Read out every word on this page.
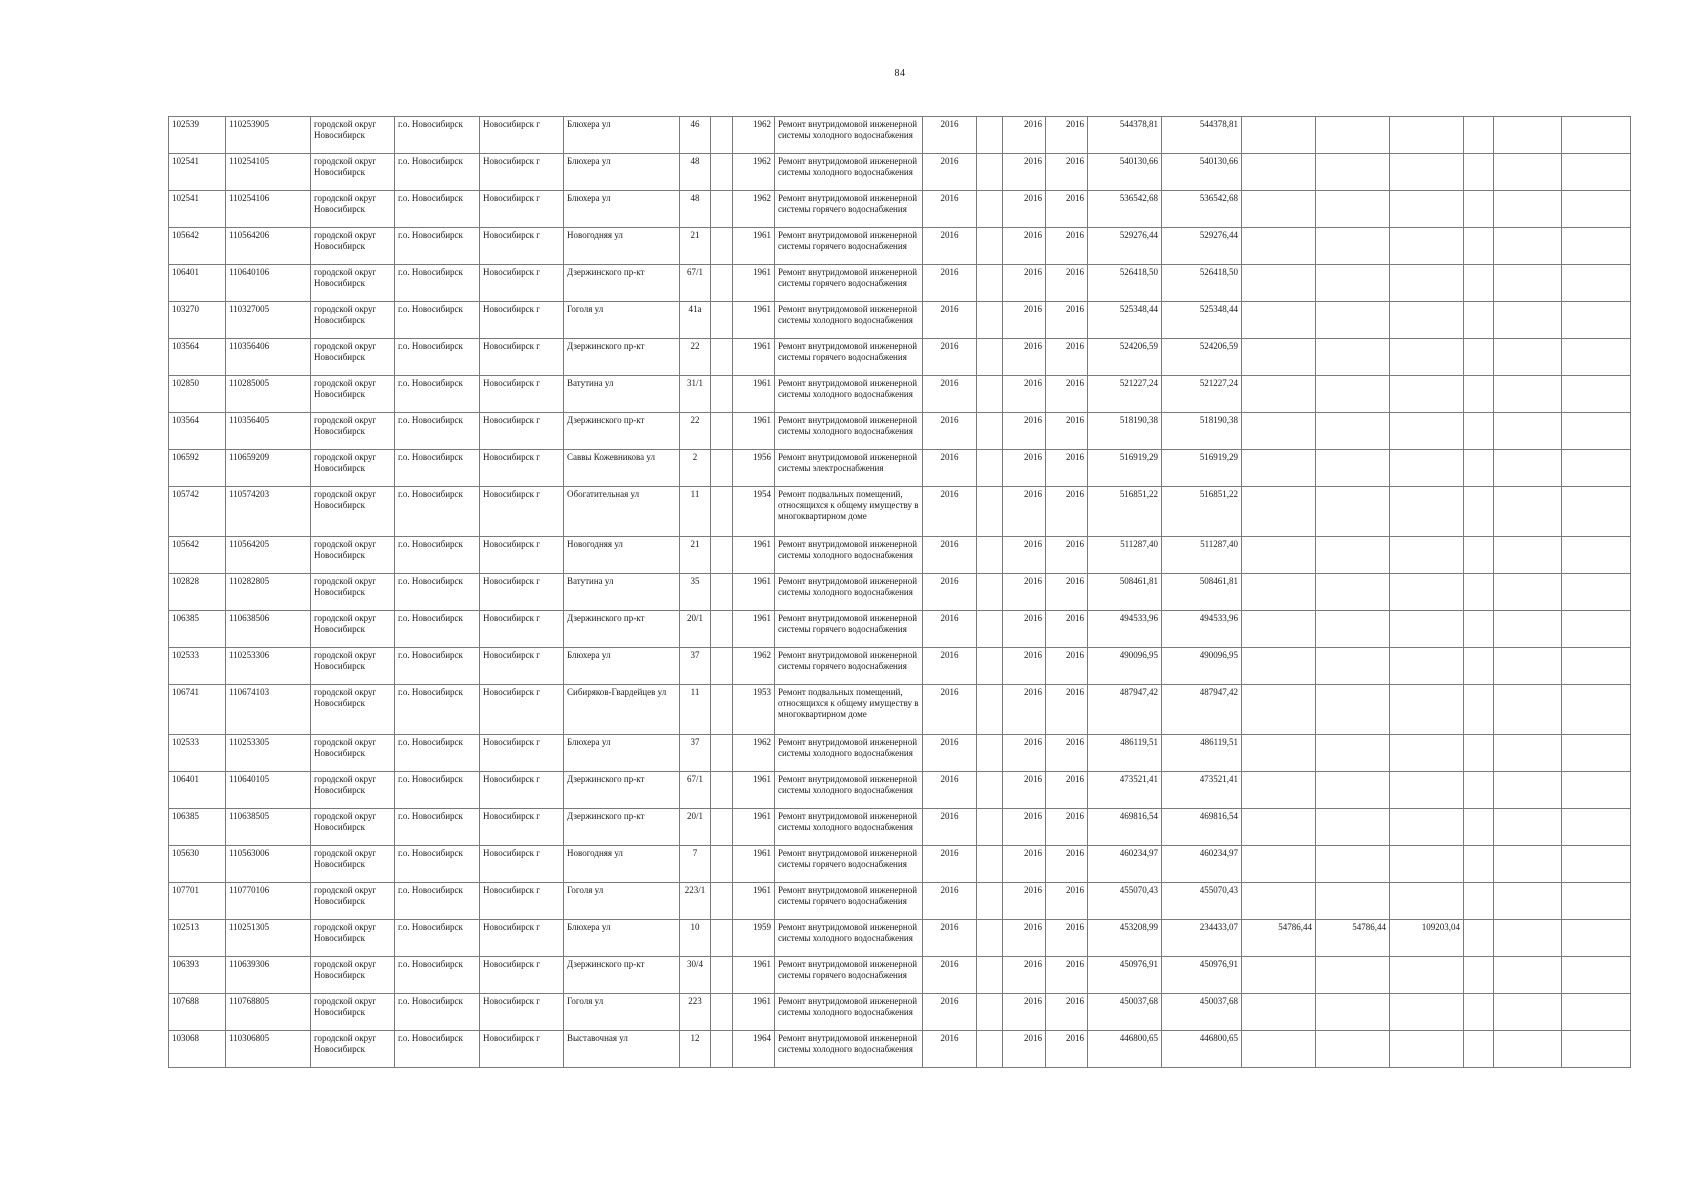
84
102539	110253905	городской округ Новосибирск	г.о. Новосибирск	Новосибирск г	Блюхера ул	46		1962	Ремонт внутридомовой инженерной системы холодного водоснабжения	2016		2016	2016	544378,81	544378,81						
102541	110254105	городской округ Новосибирск	г.о. Новосибирск	Новосибирск г	Блюхера ул	48		1962	Ремонт внутридомовой инженерной системы холодного водоснабжения	2016		2016	2016	540130,66	540130,66						
102541	110254106	городской округ Новосибирск	г.о. Новосибирск	Новосибирск г	Блюхера ул	48		1962	Ремонт внутридомовой инженерной системы горячего водоснабжения	2016		2016	2016	536542,68	536542,68						
105642	110564206	городской округ Новосибирск	г.о. Новосибирск	Новосибирск г	Новогодняя ул	21		1961	Ремонт внутридомовой инженерной системы горячего водоснабжения	2016		2016	2016	529276,44	529276,44						
106401	110640106	городской округ Новосибирск	г.о. Новосибирск	Новосибирск г	Дзержинского пр-кт	67/1		1961	Ремонт внутридомовой инженерной системы горячего водоснабжения	2016		2016	2016	526418,50	526418,50						
103270	110327005	городской округ Новосибирск	г.о. Новосибирск	Новосибирск г	Гоголя ул	41а		1961	Ремонт внутридомовой инженерной системы холодного водоснабжения	2016		2016	2016	525348,44	525348,44						
103564	110356406	городской округ Новосибирск	г.о. Новосибирск	Новосибирск г	Дзержинского пр-кт	22		1961	Ремонт внутридомовой инженерной системы горячего водоснабжения	2016		2016	2016	524206,59	524206,59						
102850	110285005	городской округ Новосибирск	г.о. Новосибирск	Новосибирск г	Ватутина ул	31/1		1961	Ремонт внутридомовой инженерной системы холодного водоснабжения	2016		2016	2016	521227,24	521227,24						
103564	110356405	городской округ Новосибирск	г.о. Новосибирск	Новосибирск г	Дзержинского пр-кт	22		1961	Ремонт внутридомовой инженерной системы холодного водоснабжения	2016		2016	2016	518190,38	518190,38						
106592	110659209	городской округ Новосибирск	г.о. Новосибирск	Новосибирск г	Саввы Кожевникова ул	2		1956	Ремонт внутридомовой инженерной системы электроснабжения	2016		2016	2016	516919,29	516919,29						
105742	110574203	городской округ Новосибирск	г.о. Новосибирск	Новосибирск г	Обогатительная ул	11		1954	Ремонт подвальных помещений, относящихся к общему имуществу в многоквартирном доме	2016		2016	2016	516851,22	516851,22						
105642	110564205	городской округ Новосибирск	г.о. Новосибирск	Новосибирск г	Новогодняя ул	21		1961	Ремонт внутридомовой инженерной системы холодного водоснабжения	2016		2016	2016	511287,40	511287,40						
102828	110282805	городской округ Новосибирск	г.о. Новосибирск	Новосибирск г	Ватутина ул	35		1961	Ремонт внутридомовой инженерной системы холодного водоснабжения	2016		2016	2016	508461,81	508461,81						
106385	110638506	городской округ Новосибирск	г.о. Новосибирск	Новосибирск г	Дзержинского пр-кт	20/1		1961	Ремонт внутридомовой инженерной системы горячего водоснабжения	2016		2016	2016	494533,96	494533,96						
102533	110253306	городской округ Новосибирск	г.о. Новосибирск	Новосибирск г	Блюхера ул	37		1962	Ремонт внутридомовой инженерной системы горячего водоснабжения	2016		2016	2016	490096,95	490096,95						
106741	110674103	городской округ Новосибирск	г.о. Новосибирск	Новосибирск г	Сибиряков-Гвардейцев ул	11		1953	Ремонт подвальных помещений, относящихся к общему имуществу в многоквартирном доме	2016		2016	2016	487947,42	487947,42						
102533	110253305	городской округ Новосибирск	г.о. Новосибирск	Новосибирск г	Блюхера ул	37		1962	Ремонт внутридомовой инженерной системы холодного водоснабжения	2016		2016	2016	486119,51	486119,51						
106401	110640105	городской округ Новосибирск	г.о. Новосибирск	Новосибирск г	Дзержинского пр-кт	67/1		1961	Ремонт внутридомовой инженерной системы холодного водоснабжения	2016		2016	2016	473521,41	473521,41						
106385	110638505	городской округ Новосибирск	г.о. Новосибирск	Новосибирск г	Дзержинского пр-кт	20/1		1961	Ремонт внутридомовой инженерной системы холодного водоснабжения	2016		2016	2016	469816,54	469816,54						
105630	110563006	городской округ Новосибирск	г.о. Новосибирск	Новосибирск г	Новогодняя ул	7		1961	Ремонт внутридомовой инженерной системы горячего водоснабжения	2016		2016	2016	460234,97	460234,97						
107701	110770106	городской округ Новосибирск	г.о. Новосибирск	Новосибирск г	Гоголя ул	223/1		1961	Ремонт внутридомовой инженерной системы горячего водоснабжения	2016		2016	2016	455070,43	455070,43						
102513	110251305	городской округ Новосибирск	г.о. Новосибирск	Новосибирск г	Блюхера ул	10		1959	Ремонт внутридомовой инженерной системы холодного водоснабжения	2016		2016	2016	453208,99	234433,07	54786,44	54786,44	109203,04			
106393	110639306	городской округ Новосибирск	г.о. Новосибирск	Новосибирск г	Дзержинского пр-кт	30/4		1961	Ремонт внутридомовой инженерной системы горячего водоснабжения	2016		2016	2016	450976,91	450976,91						
107688	110768805	городской округ Новосибирск	г.о. Новосибирск	Новосибирск г	Гоголя ул	223		1961	Ремонт внутридомовой инженерной системы холодного водоснабжения	2016		2016	2016	450037,68	450037,68						
103068	110306805	городской округ Новосибирск	г.о. Новосибирск	Новосибирск г	Выставочная ул	12		1964	Ремонт внутридомовой инженерной системы холодного водоснабжения	2016		2016	2016	446800,65	446800,65						
